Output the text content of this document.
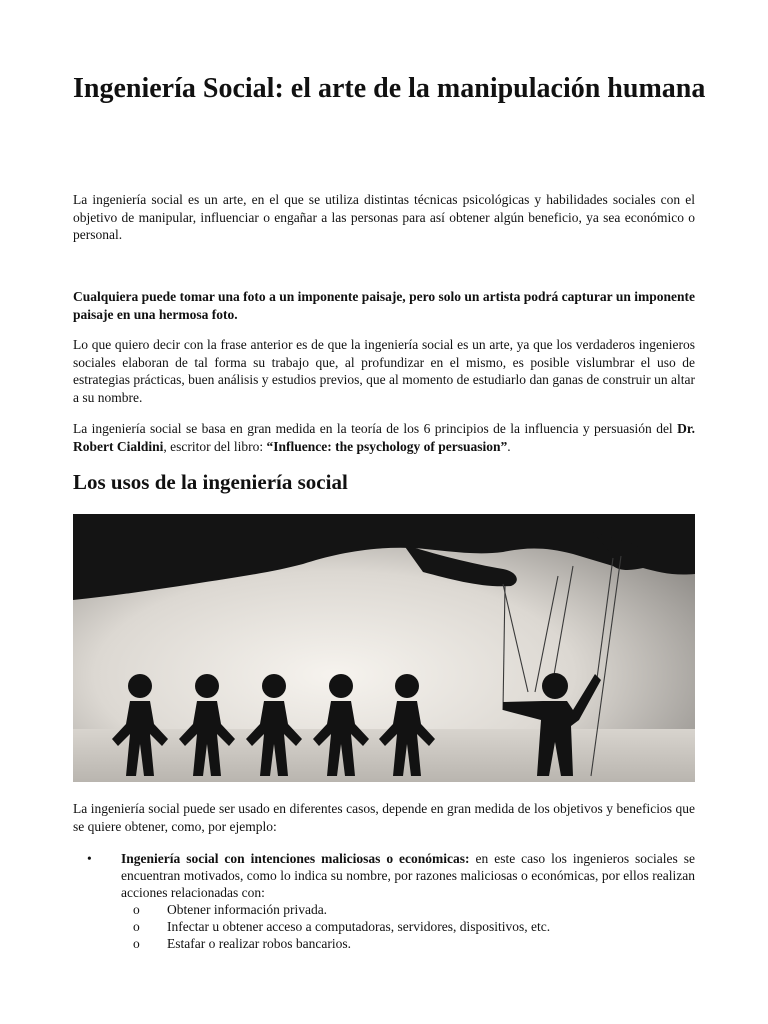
Ingeniería Social: el arte de la manipulación humana

La ingeniería social es un arte, en el que se utiliza distintas técnicas psicológicas y habilidades sociales con el objetivo de manipular, influenciar o engañar a las personas para así obtener algún beneficio, ya sea económico o personal.

Cualquiera puede tomar una foto a un imponente paisaje, pero solo un artista podrá capturar un imponente paisaje en una hermosa foto.

Lo que quiero decir con la frase anterior es de que la ingeniería social es un arte, ya que los verdaderos ingenieros sociales elaboran de tal forma su trabajo que, al profundizar en el mismo, es posible vislumbrar el uso de estrategias prácticas, buen análisis y estudios previos, que al momento de estudiarlo dan ganas de construir un altar a su nombre.

La ingeniería social se basa en gran medida en la teoría de los 6 principios de la influencia y persuasión del Dr. Robert Cialdini, escritor del libro: “Influence: the psychology of persuasion”.

Los usos de la ingeniería social

La ingeniería social puede ser usado en diferentes casos, depende en gran medida de los objetivos y beneficios que se quiere obtener, como, por ejemplo:

• Ingeniería social con intenciones maliciosas o económicas: en este caso los ingenieros sociales se encuentran motivados, como lo indica su nombre, por razones maliciosas o económicas, por ellos realizan acciones relacionadas con:
o Obtener información privada.
o Infectar u obtener acceso a computadoras, servidores, dispositivos, etc.
o Estafar o realizar robos bancarios.
